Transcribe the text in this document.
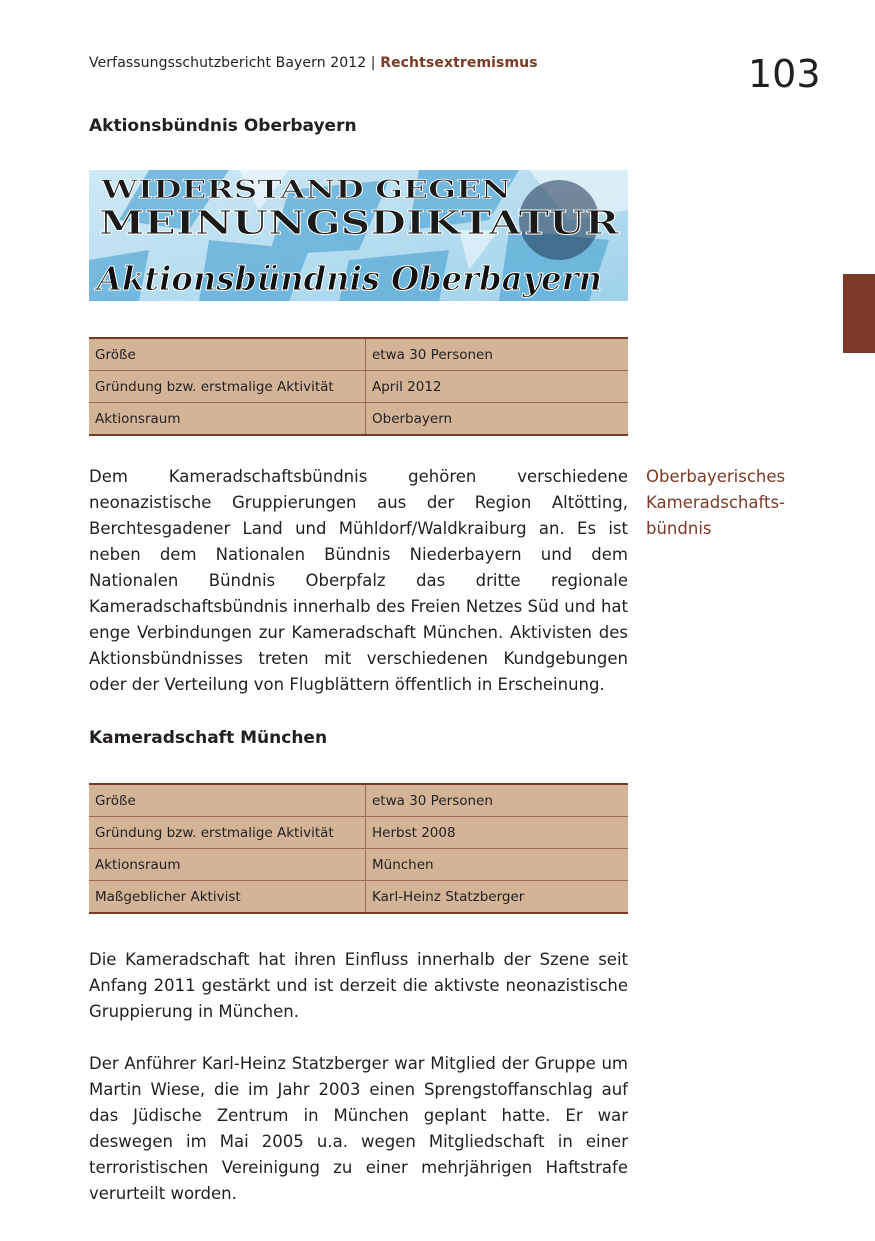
Verfassungsschutzbericht Bayern 2012 | Rechtsextremismus	103
Aktionsbündnis Oberbayern
WIDERSTAND GEGEN
MEINUNGSDIKTATUR
Aktionsbündnis Oberbayern
Größe	etwa 30 Personen
Gründung bzw. erstmalige Aktivität	April 2012
Aktionsraum	Oberbayern

Dem Kameradschaftsbündnis gehören verschiedene neonazistische Gruppierungen aus der Region Altötting, Berchtesgadener Land und Mühldorf/Waldkraiburg an. Es ist neben dem Nationalen Bündnis Niederbayern und dem Nationalen Bündnis Oberpfalz das dritte regionale Kameradschaftsbündnis innerhalb des Freien Netzes Süd und hat enge Verbindungen zur Kameradschaft München. Aktivisten des Aktionsbündnisses treten mit verschiedenen Kundgebungen oder der Verteilung von Flugblättern öffentlich in Erscheinung.

Oberbayerisches Kameradschafts-bündnis
Kameradschaft München
Größe	etwa 30 Personen
Gründung bzw. erstmalige Aktivität	Herbst 2008
Aktionsraum	München
Maßgeblicher Aktivist	Karl-Heinz Statzberger

Die Kameradschaft hat ihren Einfluss innerhalb der Szene seit Anfang 2011 gestärkt und ist derzeit die aktivste neonazistische Gruppierung in München.

Der Anführer Karl-Heinz Statzberger war Mitglied der Gruppe um Martin Wiese, die im Jahr 2003 einen Sprengstoffanschlag auf das Jüdische Zentrum in München geplant hatte. Er war deswegen im Mai 2005 u.a. wegen Mitgliedschaft in einer terroristischen Vereinigung zu einer mehrjährigen Haftstrafe verurteilt worden.
